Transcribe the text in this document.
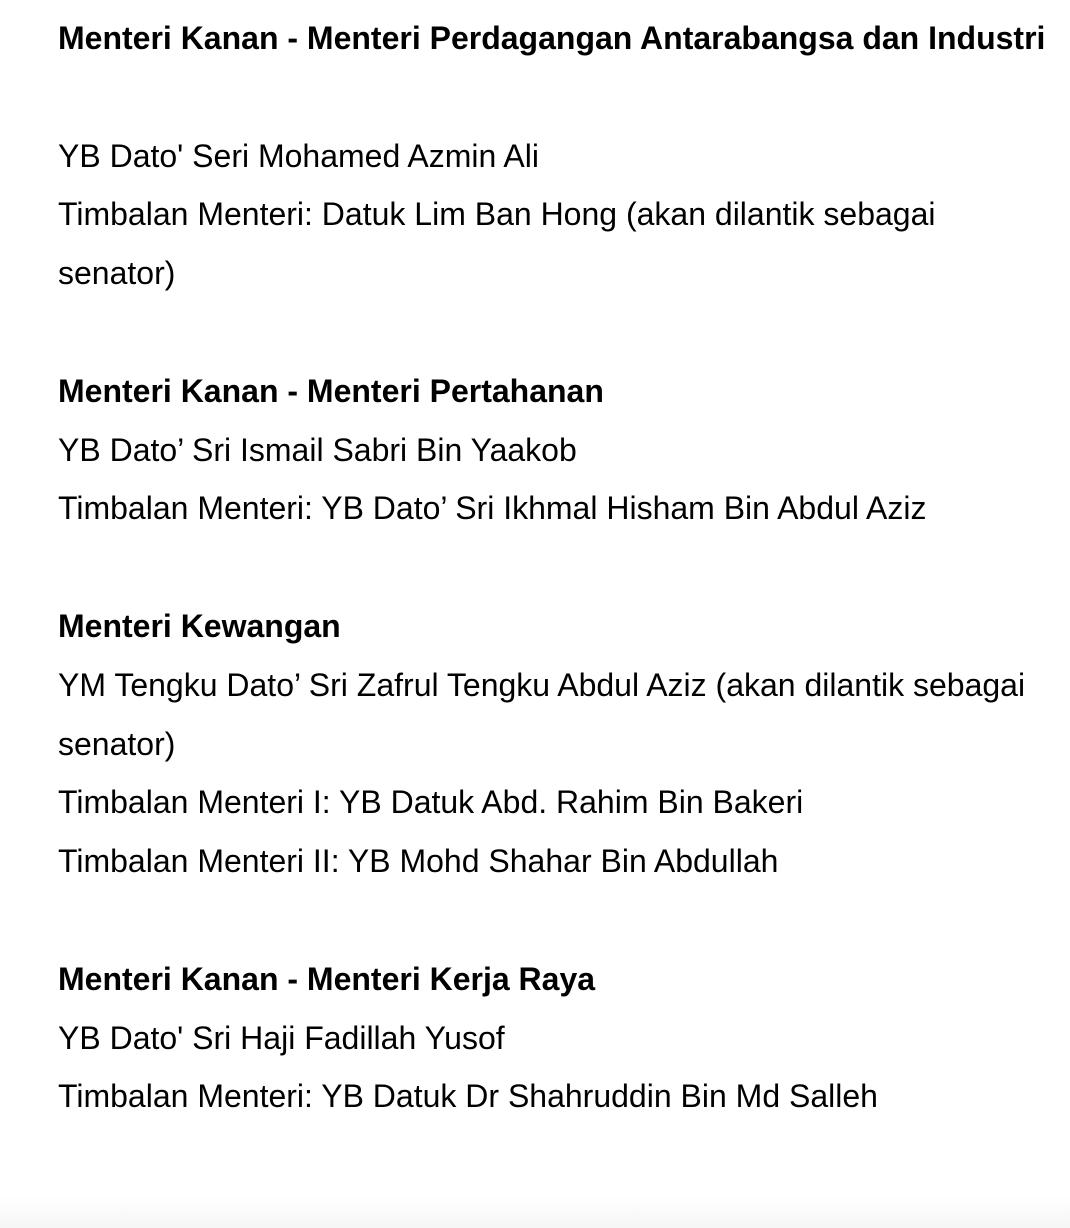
Menteri Kanan - Menteri Perdagangan Antarabangsa dan Industri

YB Dato' Seri Mohamed Azmin Ali
Timbalan Menteri: Datuk Lim Ban Hong (akan dilantik sebagai senator)
Menteri Kanan - Menteri Pertahanan
YB Dato’ Sri Ismail Sabri Bin Yaakob
Timbalan Menteri: YB Dato’ Sri Ikhmal Hisham Bin Abdul Aziz
Menteri Kewangan
YM Tengku Dato’ Sri Zafrul Tengku Abdul Aziz (akan dilantik sebagai senator)
Timbalan Menteri I: YB Datuk Abd. Rahim Bin Bakeri
Timbalan Menteri II: YB Mohd Shahar Bin Abdullah
Menteri Kanan - Menteri Kerja Raya
YB Dato' Sri Haji Fadillah Yusof
Timbalan Menteri: YB Datuk Dr Shahruddin Bin Md Salleh
